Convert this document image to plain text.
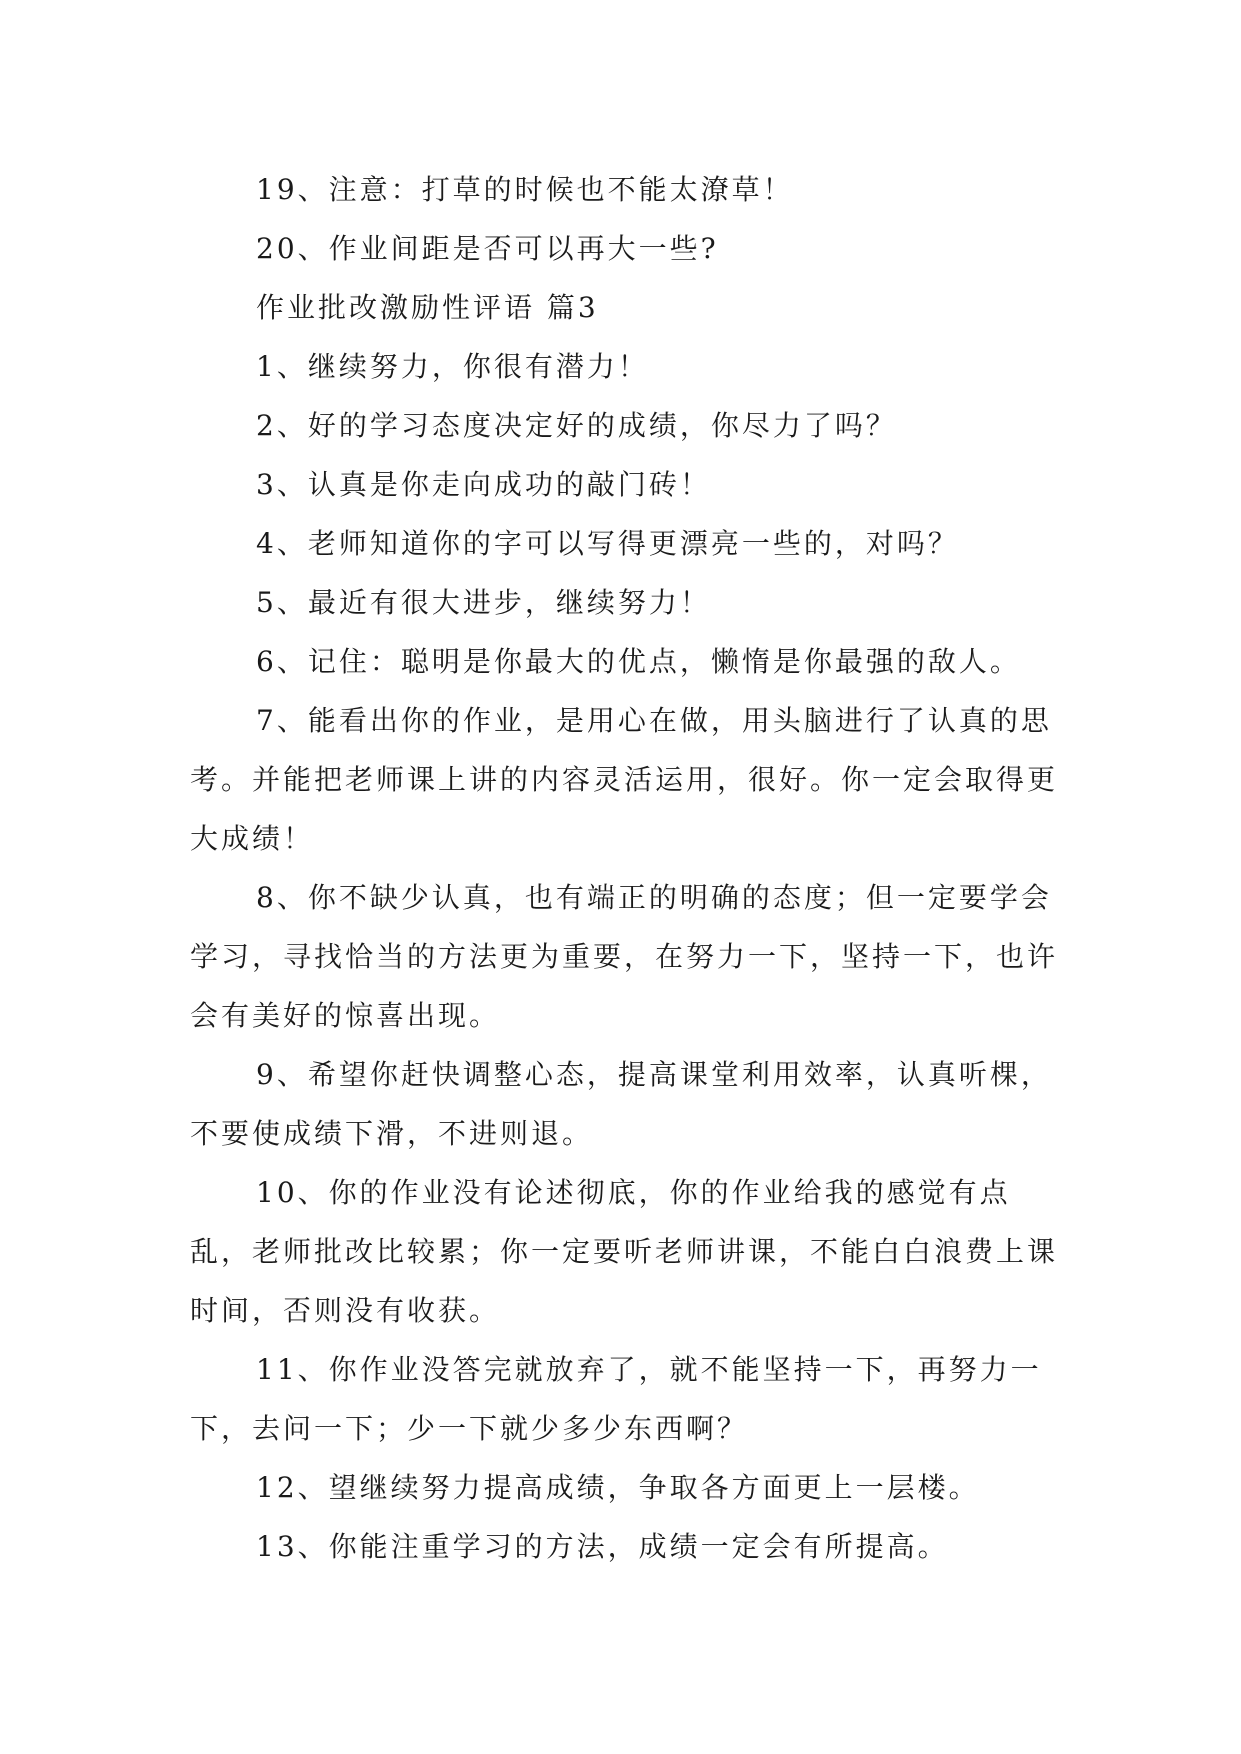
19、注意：打草的时候也不能太潦草！

20、作业间距是否可以再大一些?

作业批改激励性评语 篇3

1、继续努力，你很有潜力！

2、好的学习态度决定好的成绩，你尽力了吗？

3、认真是你走向成功的敲门砖！

4、老师知道你的字可以写得更漂亮一些的，对吗？

5、最近有很大进步，继续努力！

6、记住：聪明是你最大的优点，懒惰是你最强的敌人。

7、能看出你的作业，是用心在做，用头脑进行了认真的思考。并能把老师课上讲的内容灵活运用，很好。你一定会取得更大成绩！

8、你不缺少认真，也有端正的明确的态度；但一定要学会学习，寻找恰当的方法更为重要，在努力一下，坚持一下，也许会有美好的惊喜出现。

9、希望你赶快调整心态，提高课堂利用效率，认真听棵，不要使成绩下滑，不进则退。

10、你的作业没有论述彻底，你的作业给我的感觉有点乱，老师批改比较累；你一定要听老师讲课，不能白白浪费上课时间，否则没有收获。

11、你作业没答完就放弃了，就不能坚持一下，再努力一下，去问一下；少一下就少多少东西啊？

12、望继续努力提高成绩，争取各方面更上一层楼。

13、你能注重学习的方法，成绩一定会有所提高。
